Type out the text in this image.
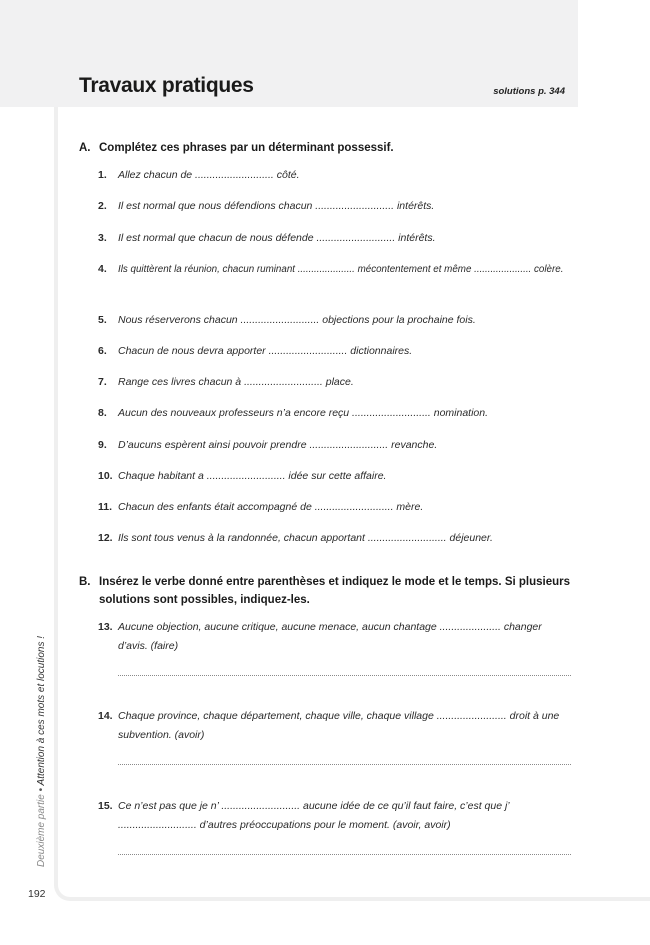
Travaux pratiques	solutions p. 344
A. Complétez ces phrases par un déterminant possessif.
1. Allez chacun de ........................... côté.
2. Il est normal que nous défendions chacun ........................... intérêts.
3. Il est normal que chacun de nous défende ........................... intérêts.
4. Ils quittèrent la réunion, chacun ruminant ..................... mécontentement et même ..................... colère.
5. Nous réserverons chacun ........................... objections pour la prochaine fois.
6. Chacun de nous devra apporter ........................... dictionnaires.
7. Range ces livres chacun à ........................... place.
8. Aucun des nouveaux professeurs n’a encore reçu ........................... nomination.
9. D’aucuns espèrent ainsi pouvoir prendre ........................... revanche.
10. Chaque habitant a ........................... idée sur cette affaire.
11. Chacun des enfants était accompagné de ........................... mère.
12. Ils sont tous venus à la randonnée, chacun apportant ........................... déjeuner.
B. Insérez le verbe donné entre parenthèses et indiquez le mode et le temps. Si plusieurs solutions sont possibles, indiquez-les.
13. Aucune objection, aucune critique, aucune menace, aucun chantage ..................... changer d’avis. (faire)
14. Chaque province, chaque département, chaque ville, chaque village ........................ droit à une subvention. (avoir)
15. Ce n’est pas que je n’ ........................... aucune idée de ce qu’il faut faire, c’est que j’ ........................... d’autres préoccupations pour le moment. (avoir, avoir)
Deuxième partie • Attention à ces mots et locutions !
192
